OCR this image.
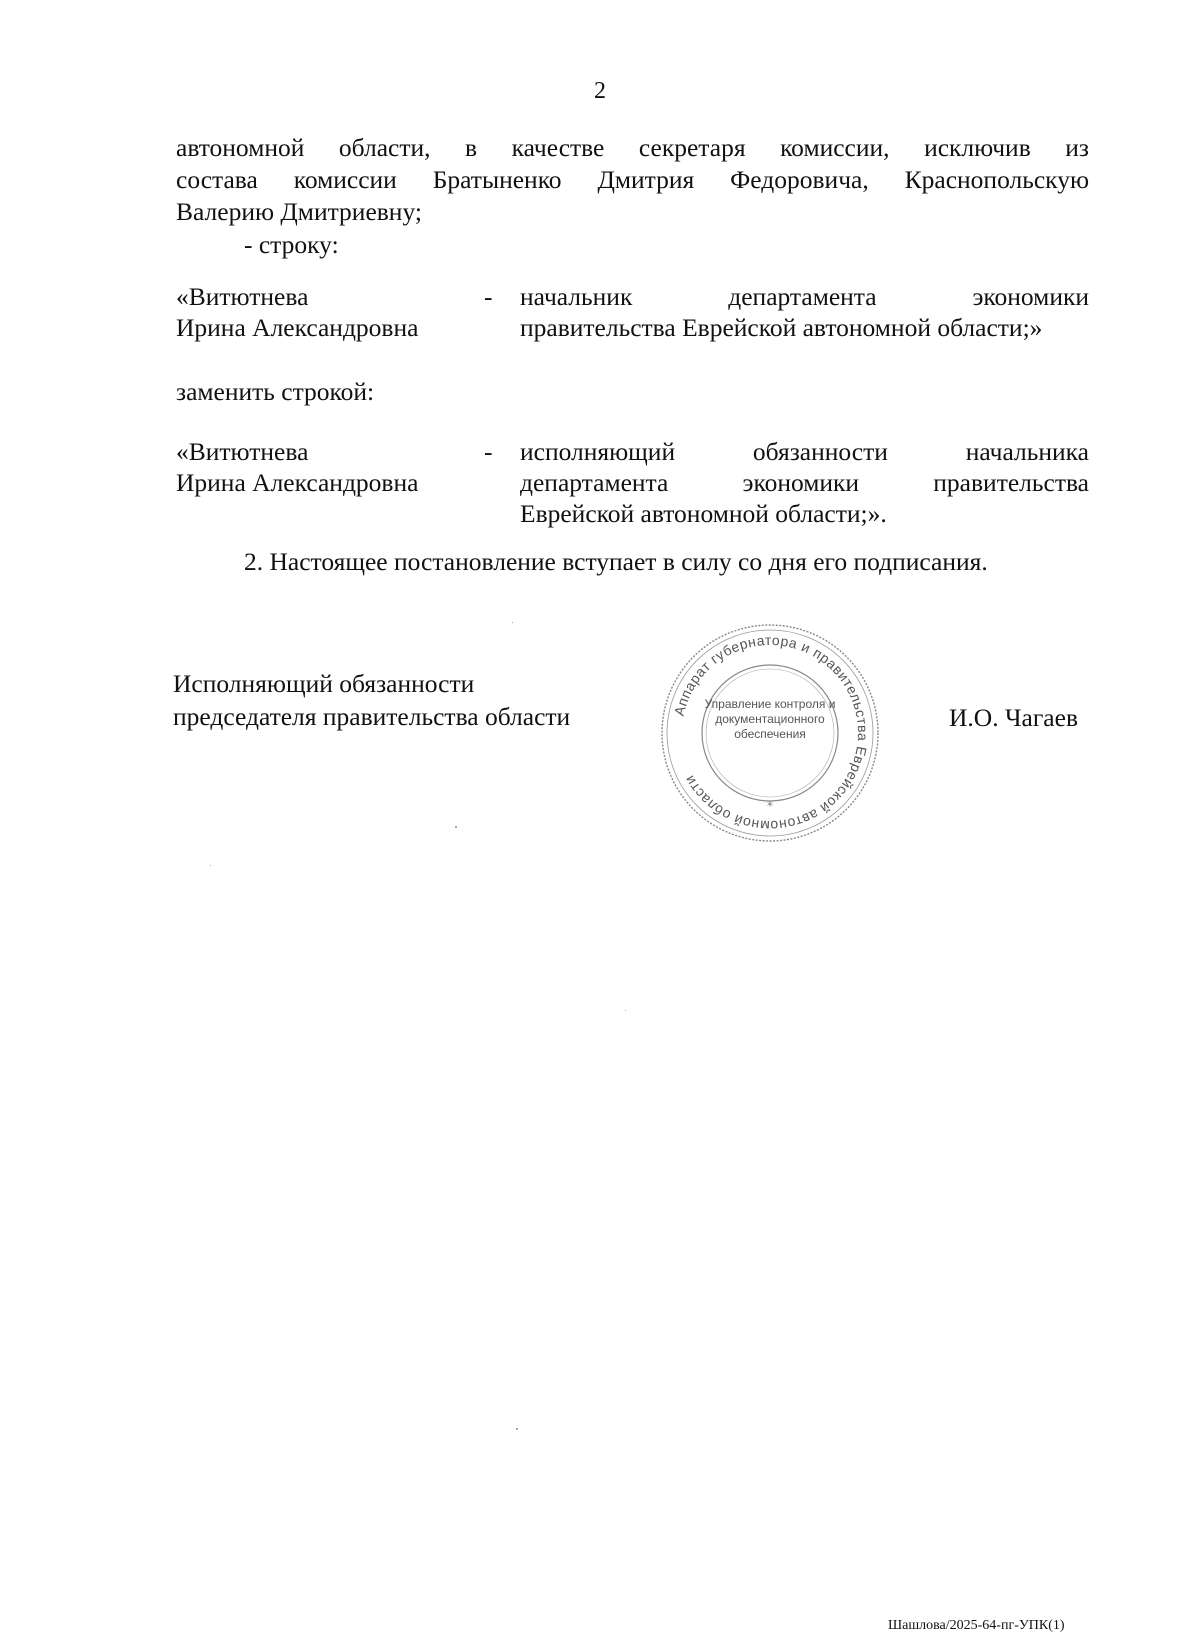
2
автономной области, в качестве секретаря комиссии, исключив из
состава комиссии Братыненко Дмитрия Федоровича, Краснопольскую
Валерию Дмитриевну;
- строку:
«Витютнева
Ирина Александровна
- начальник департамента экономики
правительства Еврейской автономной области;»
заменить строкой:
«Витютнева
Ирина Александровна
- исполняющий обязанности начальника
департамента экономики правительства
Еврейской автономной области;».
2. Настоящее постановление вступает в силу со дня его подписания.
Исполняющий обязанности
председателя правительства области	Аппарат губернатора и правительства Еврейской автономной области
*
Управление контроля и
документационного
обеспечения
И.О. Чагаев
Шашлова/2025-64-пг-УПК(1)
